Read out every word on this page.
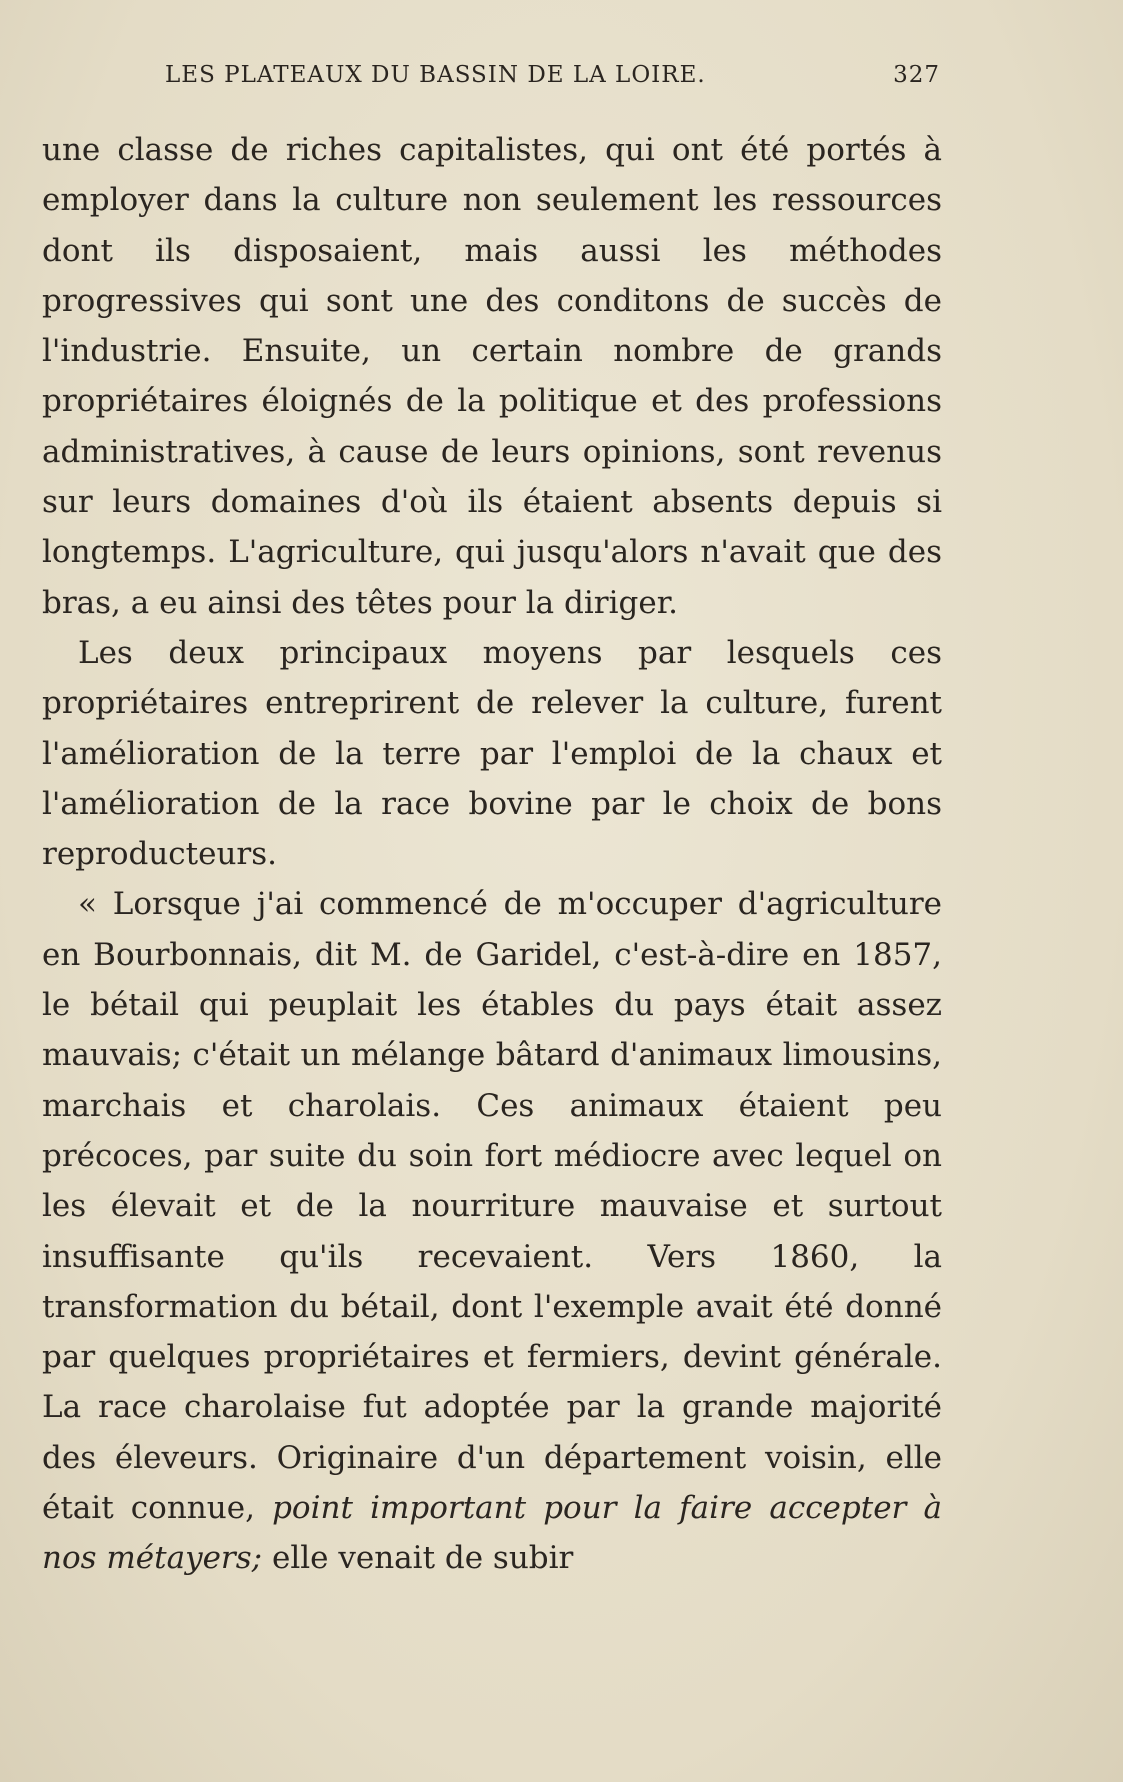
LES PLATEAUX DU BASSIN DE LA LOIRE.	327

une classe de riches capitalistes, qui ont été portés à employer dans la culture non seulement les ressources dont ils disposaient, mais aussi les méthodes progressives qui sont une des conditons de succès de l'industrie. Ensuite, un certain nombre de grands propriétaires éloignés de la politique et des professions administratives, à cause de leurs opinions, sont revenus sur leurs domaines d'où ils étaient absents depuis si longtemps. L'agriculture, qui jusqu'alors n'avait que des bras, a eu ainsi des têtes pour la diriger.

Les deux principaux moyens par lesquels ces propriétaires entreprirent de relever la culture, furent l'amélioration de la terre par l'emploi de la chaux et l'amélioration de la race bovine par le choix de bons reproducteurs.

« Lorsque j'ai commencé de m'occuper d'agriculture en Bourbonnais, dit M. de Garidel, c'est-à-dire en 1857, le bétail qui peuplait les étables du pays était assez mauvais; c'était un mélange bâtard d'animaux limousins, marchais et charolais. Ces animaux étaient peu précoces, par suite du soin fort médiocre avec lequel on les élevait et de la nourriture mauvaise et surtout insuffisante qu'ils recevaient. Vers 1860, la transformation du bétail, dont l'exemple avait été donné par quelques propriétaires et fermiers, devint générale. La race charolaise fut adoptée par la grande majorité des éleveurs. Originaire d'un département voisin, elle était connue, point important pour la faire accepter à nos métayers; elle venait de subir
